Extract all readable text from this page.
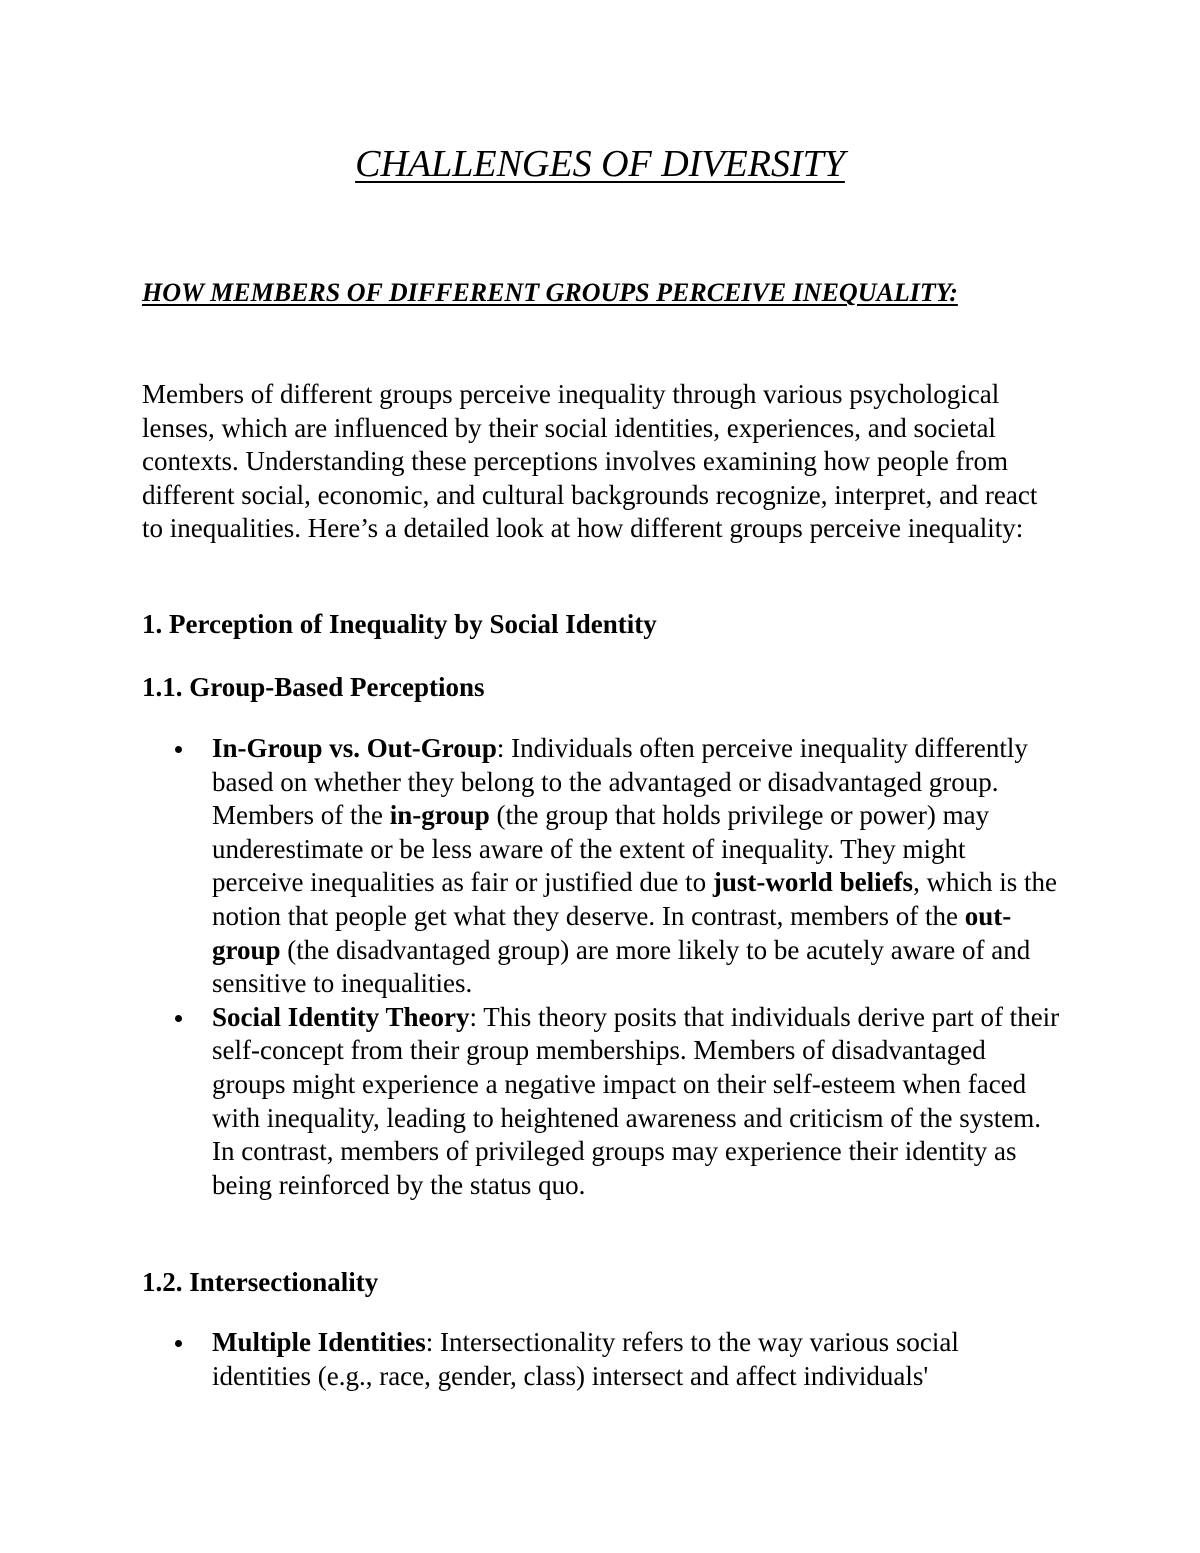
CHALLENGES OF DIVERSITY
HOW MEMBERS OF DIFFERENT GROUPS PERCEIVE INEQUALITY:

Members of different groups perceive inequality through various psychological lenses, which are influenced by their social identities, experiences, and societal contexts. Understanding these perceptions involves examining how people from different social, economic, and cultural backgrounds recognize, interpret, and react to inequalities. Here’s a detailed look at how different groups perceive inequality:

1. Perception of Inequality by Social Identity
1.1. Group-Based Perceptions
In-Group vs. Out-Group: Individuals often perceive inequality differently based on whether they belong to the advantaged or disadvantaged group. Members of the in-group (the group that holds privilege or power) may underestimate or be less aware of the extent of inequality. They might perceive inequalities as fair or justified due to just-world beliefs, which is the notion that people get what they deserve. In contrast, members of the out-group (the disadvantaged group) are more likely to be acutely aware of and sensitive to inequalities.
Social Identity Theory: This theory posits that individuals derive part of their self-concept from their group memberships. Members of disadvantaged groups might experience a negative impact on their self-esteem when faced with inequality, leading to heightened awareness and criticism of the system. In contrast, members of privileged groups may experience their identity as being reinforced by the status quo.
1.2. Intersectionality
Multiple Identities: Intersectionality refers to the way various social identities (e.g., race, gender, class) intersect and affect individuals'
